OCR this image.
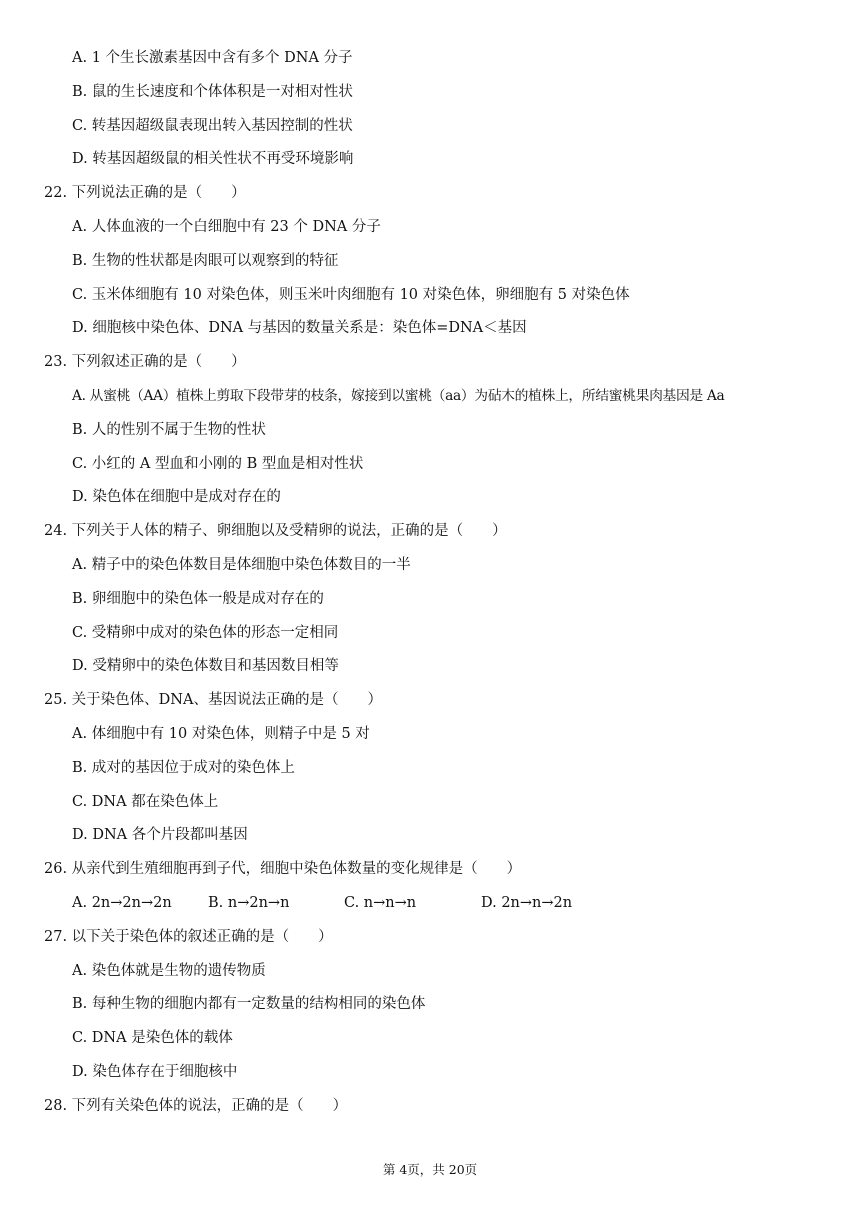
A. 1 个生长激素基因中含有多个 DNA 分子
B. 鼠的生长速度和个体体积是一对相对性状
C. 转基因超级鼠表现出转入基因控制的性状
D. 转基因超级鼠的相关性状不再受环境影响
22. 下列说法正确的是（　　）
A. 人体血液的一个白细胞中有 23 个 DNA 分子
B. 生物的性状都是肉眼可以观察到的特征
C. 玉米体细胞有 10 对染色体，则玉米叶肉细胞有 10 对染色体，卵细胞有 5 对染色体
D. 细胞核中染色体、DNA 与基因的数量关系是：染色体=DNA＜基因
23. 下列叙述正确的是（　　）
A. 从蜜桃（AA）植株上剪取下段带芽的枝条，嫁接到以蜜桃（aa）为砧木的植株上，所结蜜桃果肉基因是 Aa
B. 人的性别不属于生物的性状
C. 小红的 A 型血和小刚的 B 型血是相对性状
D. 染色体在细胞中是成对存在的
24. 下列关于人体的精子、卵细胞以及受精卵的说法，正确的是（　　）
A. 精子中的染色体数目是体细胞中染色体数目的一半
B. 卵细胞中的染色体一般是成对存在的
C. 受精卵中成对的染色体的形态一定相同
D. 受精卵中的染色体数目和基因数目相等
25. 关于染色体、DNA、基因说法正确的是（　　）
A. 体细胞中有 10 对染色体，则精子中是 5 对
B. 成对的基因位于成对的染色体上
C. DNA 都在染色体上
D. DNA 各个片段都叫基因
26. 从亲代到生殖细胞再到子代，细胞中染色体数量的变化规律是（　　）
A. 2n→2n→2n	B. n→2n→n	C. n→n→n	D. 2n→n→2n
27. 以下关于染色体的叙述正确的是（　　）
A. 染色体就是生物的遗传物质
B. 每种生物的细胞内都有一定数量的结构相同的染色体
C. DNA 是染色体的载体
D. 染色体存在于细胞核中
28. 下列有关染色体的说法，正确的是（　　）
第 4页，共 20页
